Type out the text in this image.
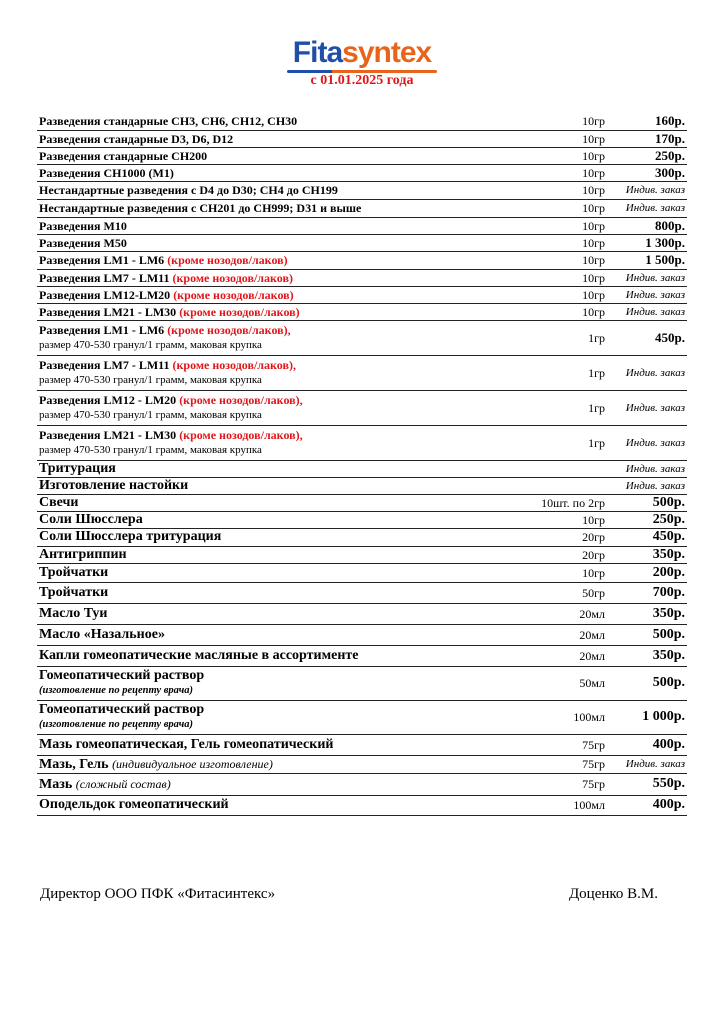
Fitasyntex
с 01.01.2025 года
Разведения стандарные CH3, CH6, CH12, CH30	10гр	160р.
Разведения стандарные D3, D6, D12	10гр	170р.
Разведения стандарные CH200	10гр	250р.
Разведения CH1000 (M1)	10гр	300р.
Нестандартные разведения с D4 до D30; CH4 до CH199	10гр	Индив. заказ
Нестандартные разведения с CH201 до CH999; D31 и выше	10гр	Индив. заказ
Разведения M10	10гр	800р.
Разведения M50	10гр	1 300р.
Разведения LM1 - LM6 (кроме нозодов/лаков)	10гр	1 500р.
Разведения LM7 - LM11 (кроме нозодов/лаков)	10гр	Индив. заказ
Разведения LM12-LM20 (кроме нозодов/лаков)	10гр	Индив. заказ
Разведения LM21 - LM30 (кроме нозодов/лаков)	10гр	Индив. заказ
Разведения LM1 - LM6 (кроме нозодов/лаков),
размер 470-530 гранул/1 грамм, маковая крупка	1гр	450р.
Разведения LM7 - LM11 (кроме нозодов/лаков),
размер 470-530 гранул/1 грамм, маковая крупка	1гр	Индив. заказ
Разведения LM12 - LM20 (кроме нозодов/лаков),
размер 470-530 гранул/1 грамм, маковая крупка	1гр	Индив. заказ
Разведения LM21 - LM30 (кроме нозодов/лаков),
размер 470-530 гранул/1 грамм, маковая крупка	1гр	Индив. заказ
Тритурация		Индив. заказ
Изготовление настойки		Индив. заказ
Свечи	10шт. по 2гр	500р.
Соли Шюсслера	10гр	250р.
Соли Шюсслера тритурация	20гр	450р.
Антигриппин	20гр	350р.
Тройчатки	10гр	200р.
Тройчатки	50гр	700р.
Масло Туи	20мл	350р.
Масло «Назальное»	20мл	500р.
Капли гомеопатические масляные в ассортименте	20мл	350р.
Гомеопатический раствор
(изготовление по рецепту врача)	50мл	500р.
Гомеопатический раствор
(изготовление по рецепту врача)	100мл	1 000р.
Мазь гомеопатическая, Гель гомеопатический	75гр	400р.
Мазь, Гель (индивидуальное изготовление)	75гр	Индив. заказ
Мазь (сложный состав)	75гр	550р.
Оподельдок гомеопатический	100мл	400р.
Директор ООО ПФК «Фитасинтекс»	Доценко В.М.
